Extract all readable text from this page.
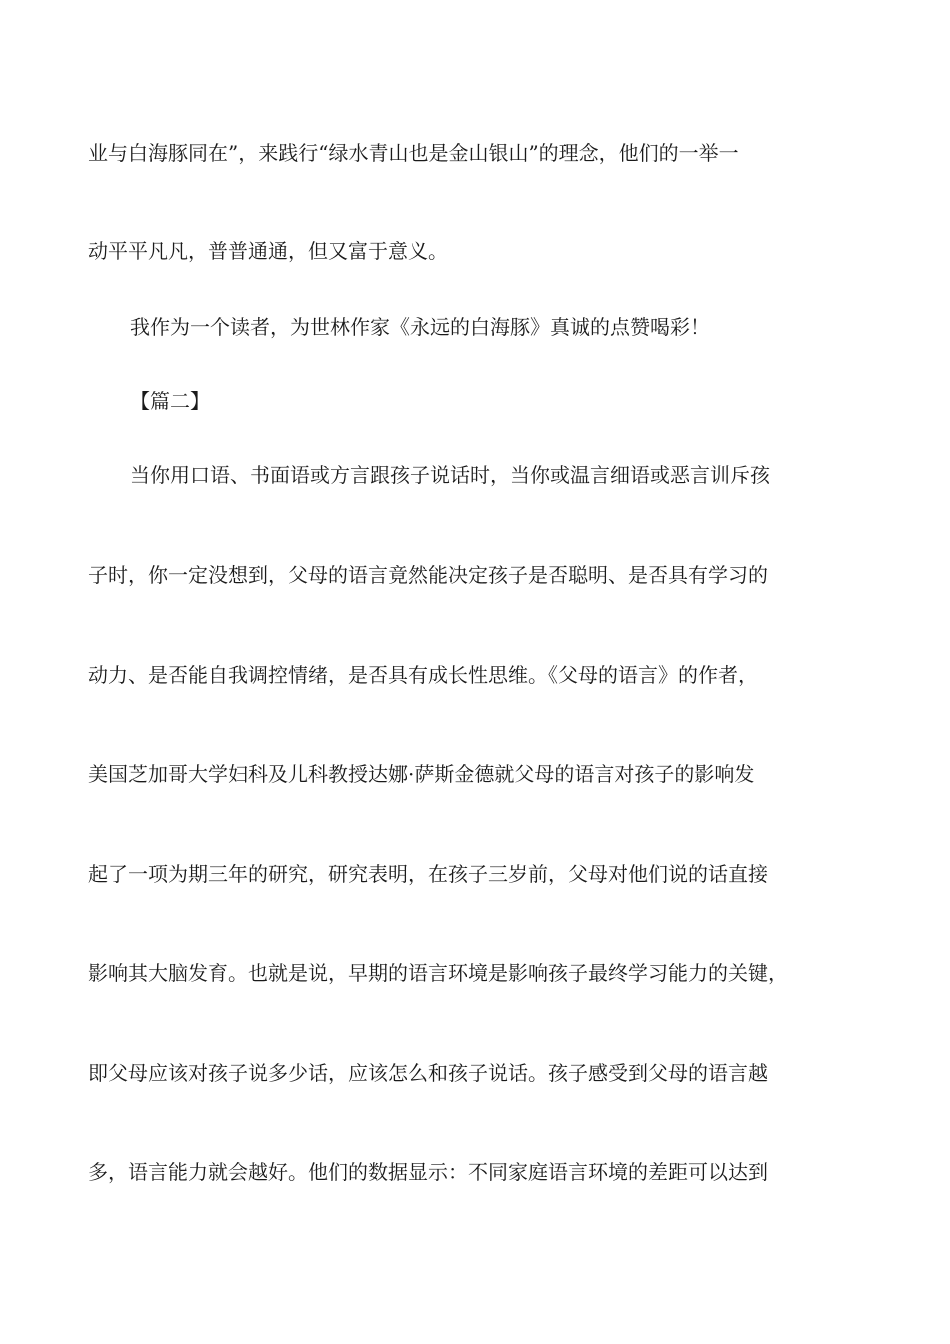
业与白海豚同在”，来践行“绿水青山也是金山银山”的理念，他们的一举一
动平平凡凡，普普通通，但又富于意义。
我作为一个读者，为世林作家《永远的白海豚》真诚的点赞喝彩！
【篇二】
当你用口语、书面语或方言跟孩子说话时，当你或温言细语或恶言训斥孩
子时，你一定没想到，父母的语言竟然能决定孩子是否聪明、是否具有学习的
动力、是否能自我调控情绪，是否具有成长性思维。《父母的语言》的作者，
美国芝加哥大学妇科及儿科教授达娜·萨斯金德就父母的语言对孩子的影响发
起了一项为期三年的研究，研究表明，在孩子三岁前，父母对他们说的话直接
影响其大脑发育。也就是说，早期的语言环境是影响孩子最终学习能力的关键，
即父母应该对孩子说多少话，应该怎么和孩子说话。孩子感受到父母的语言越
多，语言能力就会越好。他们的数据显示：不同家庭语言环境的差距可以达到
